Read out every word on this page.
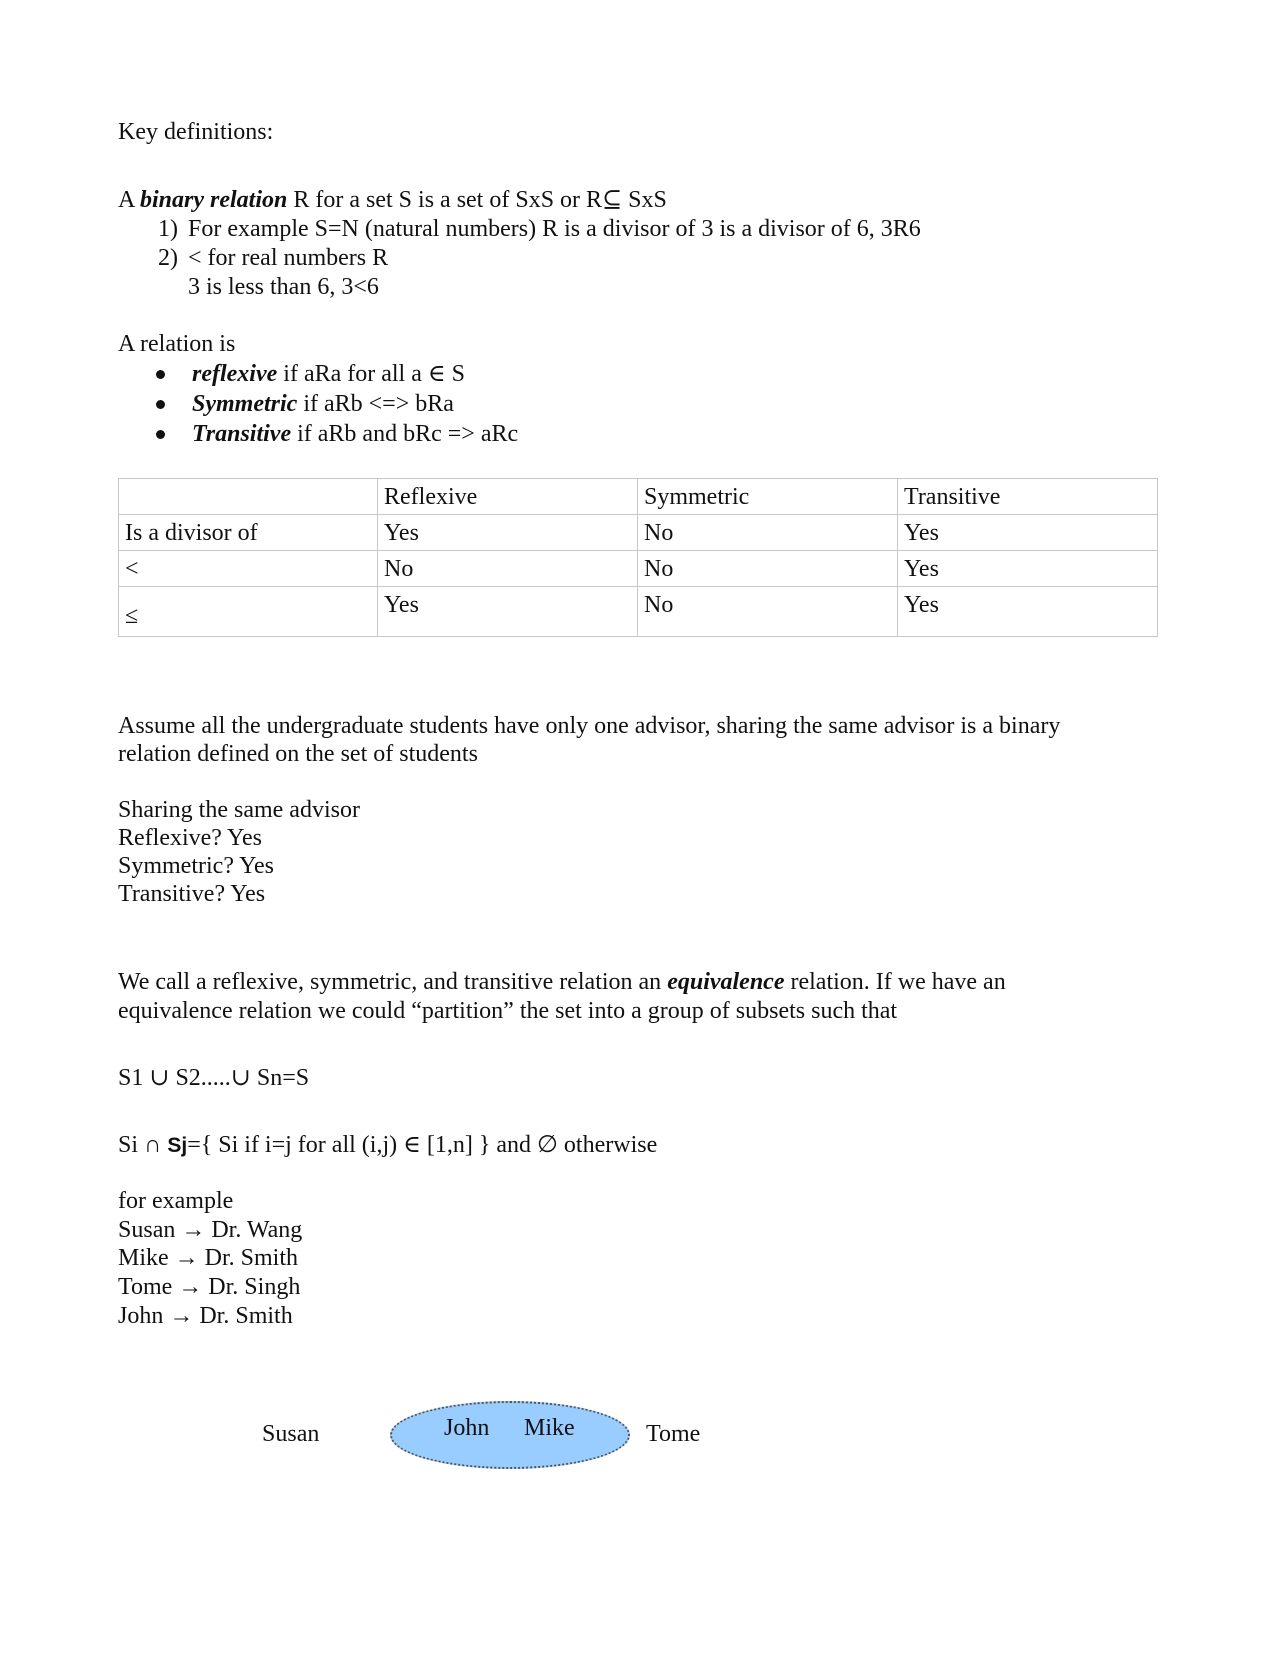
Key definitions:
A binary relation R for a set S is a set of SxS or R⊆ SxS
1) For example S=N (natural numbers) R is a divisor of 3 is a divisor of 6, 3R6
2) < for real numbers R
3 is less than 6, 3<6
A relation is
reflexive if aRa for all a ∈ S
Symmetric if aRb <=> bRa
Transitive if aRb and bRc => aRc
	Reflexive	Symmetric	Transitive
Is a divisor of	Yes	No	Yes
<	No	No	Yes
≤	Yes	No	Yes
Assume all the undergraduate students have only one advisor, sharing the same advisor is a binary
relation defined on the set of students
Sharing the same advisor
Reflexive? Yes
Symmetric? Yes
Transitive? Yes
We call a reflexive, symmetric, and transitive relation an equivalence relation. If we have an
equivalence relation we could “partition” the set into a group of subsets such that
S1 ∪ S2.....∪ Sn=S
Si ∩ Sj={ Si if i=j for all (i,j) ∈ [1,n] } and ∅ otherwise
for example
Susan → Dr. Wang
Mike → Dr. Smith
Tome → Dr. Singh
John → Dr. Smith
Susan	John Mike	Tome
